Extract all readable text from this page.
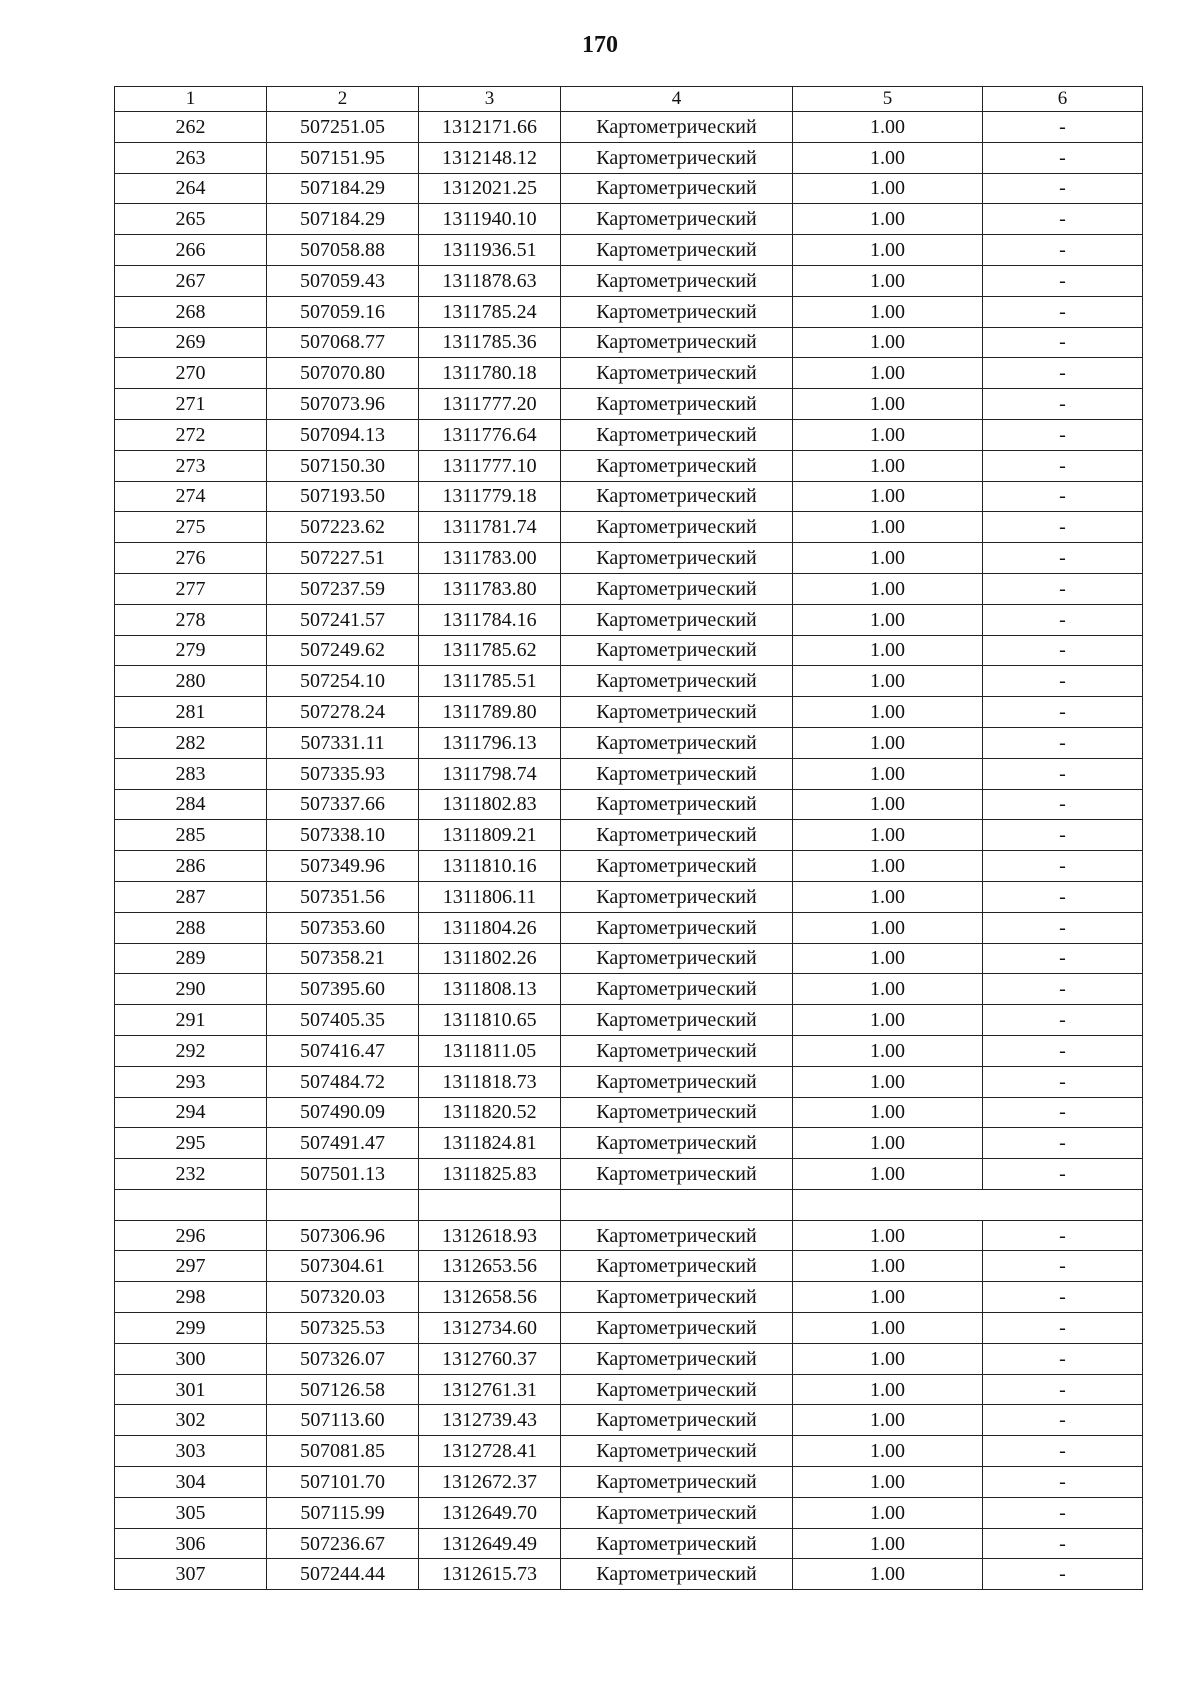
170
1	2	3	4	5	6
262	507251.05	1312171.66	Картометрический	1.00	-
263	507151.95	1312148.12	Картометрический	1.00	-
264	507184.29	1312021.25	Картометрический	1.00	-
265	507184.29	1311940.10	Картометрический	1.00	-
266	507058.88	1311936.51	Картометрический	1.00	-
267	507059.43	1311878.63	Картометрический	1.00	-
268	507059.16	1311785.24	Картометрический	1.00	-
269	507068.77	1311785.36	Картометрический	1.00	-
270	507070.80	1311780.18	Картометрический	1.00	-
271	507073.96	1311777.20	Картометрический	1.00	-
272	507094.13	1311776.64	Картометрический	1.00	-
273	507150.30	1311777.10	Картометрический	1.00	-
274	507193.50	1311779.18	Картометрический	1.00	-
275	507223.62	1311781.74	Картометрический	1.00	-
276	507227.51	1311783.00	Картометрический	1.00	-
277	507237.59	1311783.80	Картометрический	1.00	-
278	507241.57	1311784.16	Картометрический	1.00	-
279	507249.62	1311785.62	Картометрический	1.00	-
280	507254.10	1311785.51	Картометрический	1.00	-
281	507278.24	1311789.80	Картометрический	1.00	-
282	507331.11	1311796.13	Картометрический	1.00	-
283	507335.93	1311798.74	Картометрический	1.00	-
284	507337.66	1311802.83	Картометрический	1.00	-
285	507338.10	1311809.21	Картометрический	1.00	-
286	507349.96	1311810.16	Картометрический	1.00	-
287	507351.56	1311806.11	Картометрический	1.00	-
288	507353.60	1311804.26	Картометрический	1.00	-
289	507358.21	1311802.26	Картометрический	1.00	-
290	507395.60	1311808.13	Картометрический	1.00	-
291	507405.35	1311810.65	Картометрический	1.00	-
292	507416.47	1311811.05	Картометрический	1.00	-
293	507484.72	1311818.73	Картометрический	1.00	-
294	507490.09	1311820.52	Картометрический	1.00	-
295	507491.47	1311824.81	Картометрический	1.00	-
232	507501.13	1311825.83	Картометрический	1.00	-

296	507306.96	1312618.93	Картометрический	1.00	-
297	507304.61	1312653.56	Картометрический	1.00	-
298	507320.03	1312658.56	Картометрический	1.00	-
299	507325.53	1312734.60	Картометрический	1.00	-
300	507326.07	1312760.37	Картометрический	1.00	-
301	507126.58	1312761.31	Картометрический	1.00	-
302	507113.60	1312739.43	Картометрический	1.00	-
303	507081.85	1312728.41	Картометрический	1.00	-
304	507101.70	1312672.37	Картометрический	1.00	-
305	507115.99	1312649.70	Картометрический	1.00	-
306	507236.67	1312649.49	Картометрический	1.00	-
307	507244.44	1312615.73	Картометрический	1.00	-
